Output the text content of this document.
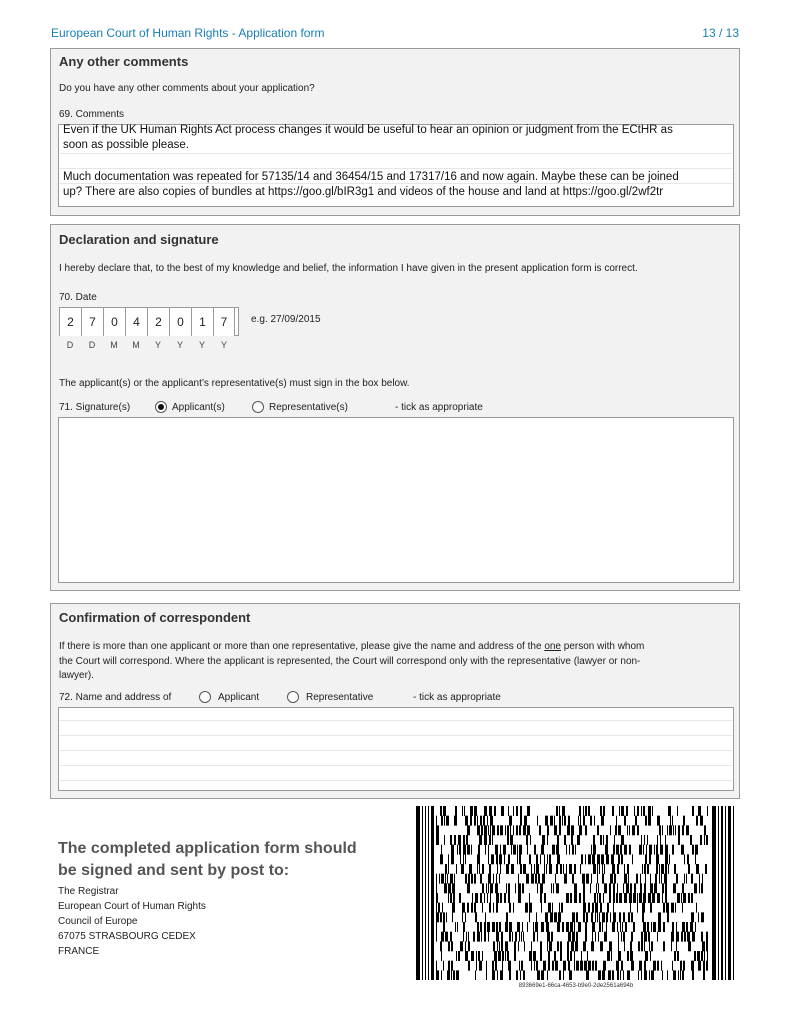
European Court of Human Rights - Application form	13 / 13
Any other comments
Do you have any other comments about your application?
69. Comments
Even if the UK Human Rights Act process changes it would be useful to hear an opinion or judgment from the ECtHR as
soon as possible please.
Much documentation was repeated for 57135/14 and 36454/15 and 17317/16 and now again. Maybe these can be joined
up? There are also copies of bundles at https://goo.gl/bIR3g1 and videos of the house and land at https://goo.gl/2wf2tr
Declaration and signature
I hereby declare that, to the best of my knowledge and belief, the information I have given in the present application form is correct.
70. Date
2	7	0	4	2	0	1	7	e.g. 27/09/2015
D	D	M	M	Y	Y	Y	Y
The applicant(s) or the applicant’s representative(s) must sign in the box below.
71. Signature(s)	Applicant(s)	Representative(s)	- tick as appropriate
Confirmation of correspondent
If there is more than one applicant or more than one representative, please give the name and address of the one person with whom
the Court will correspond. Where the applicant is represented, the Court will correspond only with the representative (lawyer or non-
lawyer).
72. Name and address of	Applicant	Representative	- tick as appropriate
The completed application form should be signed and sent by post to:
The Registrar
European Court of Human Rights
Council of Europe
67075 STRASBOURG CEDEX
FRANCE
893669e1-66ca-4653-b9e0-2de2561a694b
